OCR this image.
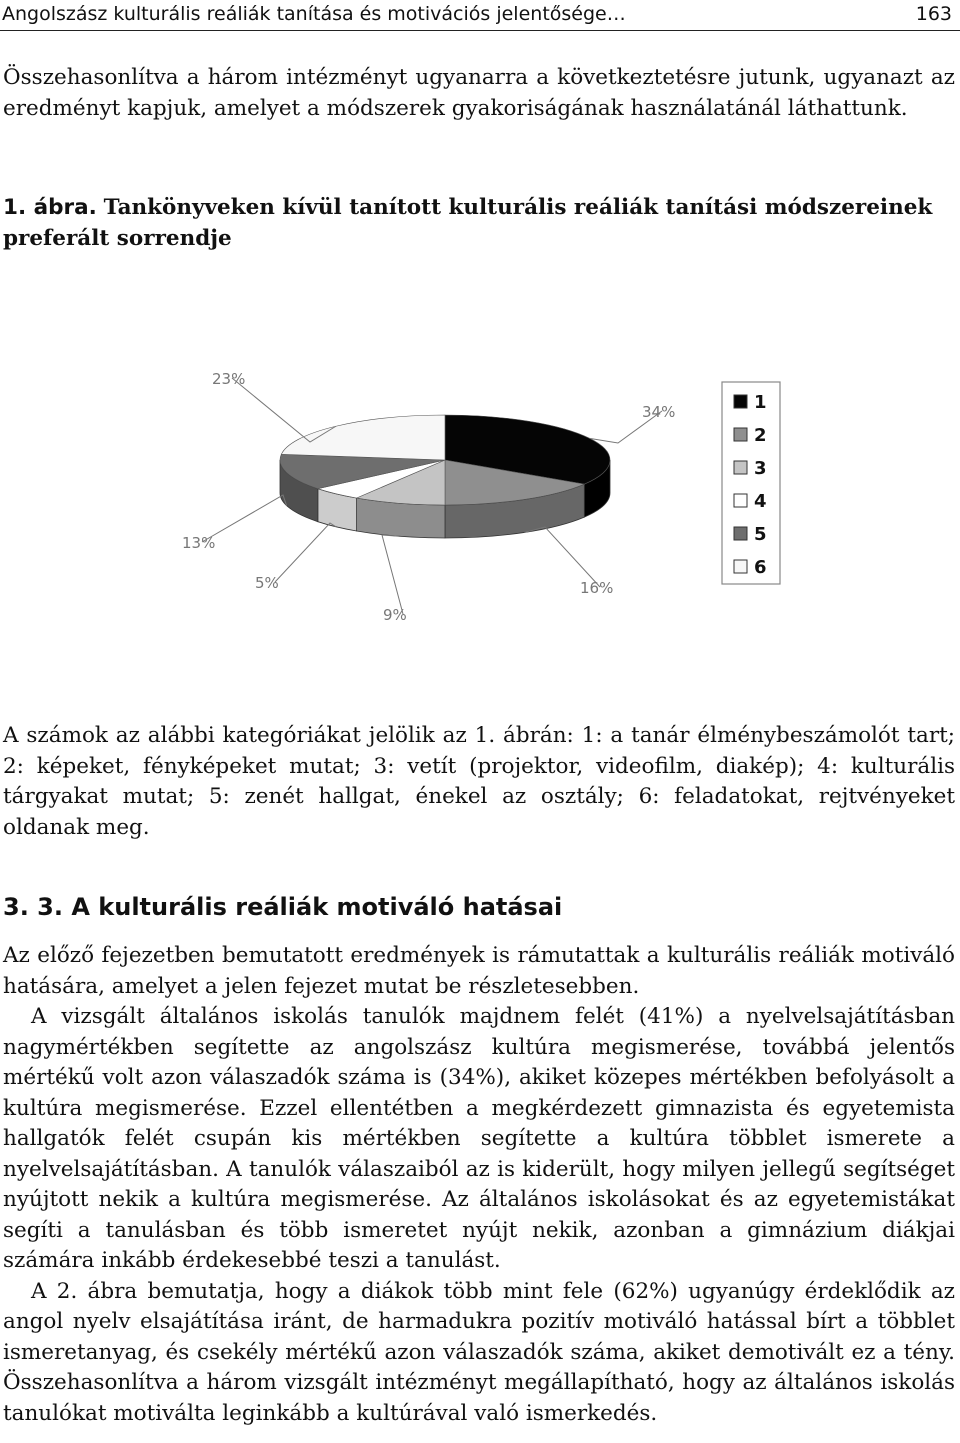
Angolszász kulturális reáliák tanítása és motivációs jelentősége…	163
Összehasonlítva a három intézményt ugyanarra a következtetésre jutunk, ugyanazt az eredményt kapjuk, amelyet a módszerek gyakoriságának használatánál láthattunk.
1. ábra. Tankönyveken kívül tanított kulturális reáliák tanítási módszereinek preferált sorrendje
34%
16%
9%
5%
13%
23%
1
2
3
4
5
6
A számok az alábbi kategóriákat jelölik az 1. ábrán: 1: a tanár élménybeszámolót tart; 2: képeket, fényképeket mutat; 3: vetít (projektor, videofilm, diakép); 4: kulturális tárgyakat mutat; 5: zenét hallgat, énekel az osztály; 6: feladatokat, rejtvényeket oldanak meg.
3. 3. A kulturális reáliák motiváló hatásai

Az előző fejezetben bemutatott eredmények is rámutattak a kulturális reáliák motiváló hatására, amelyet a jelen fejezet mutat be részletesebben.

A vizsgált általános iskolás tanulók majdnem felét (41%) a nyelvelsajátításban nagymértékben segítette az angolszász kultúra megismerése, továbbá jelentős mértékű volt azon válaszadók száma is (34%), akiket közepes mértékben befolyásolt a kultúra megismerése. Ezzel ellentétben a megkérdezett gimnazista és egyetemista hallgatók felét csupán kis mértékben segítette a kultúra többlet ismerete a nyelvelsajátításban. A tanulók válaszaiból az is kiderült, hogy milyen jellegű segítséget nyújtott nekik a kultúra megismerése. Az általános iskolásokat és az egyetemistákat segíti a tanulásban és több ismeretet nyújt nekik, azonban a gimnázium diákjai számára inkább érdekesebbé teszi a tanulást.

A 2. ábra bemutatja, hogy a diákok több mint fele (62%) ugyanúgy érdeklődik az angol nyelv elsajátítása iránt, de harmadukra pozitív motiváló hatással bírt a többlet ismeretanyag, és csekély mértékű azon válaszadók száma, akiket demotivált ez a tény. Összehasonlítva a három vizsgált intézményt megállapítható, hogy az általános iskolás tanulókat motiválta leginkább a kultúrával való ismerkedés.
